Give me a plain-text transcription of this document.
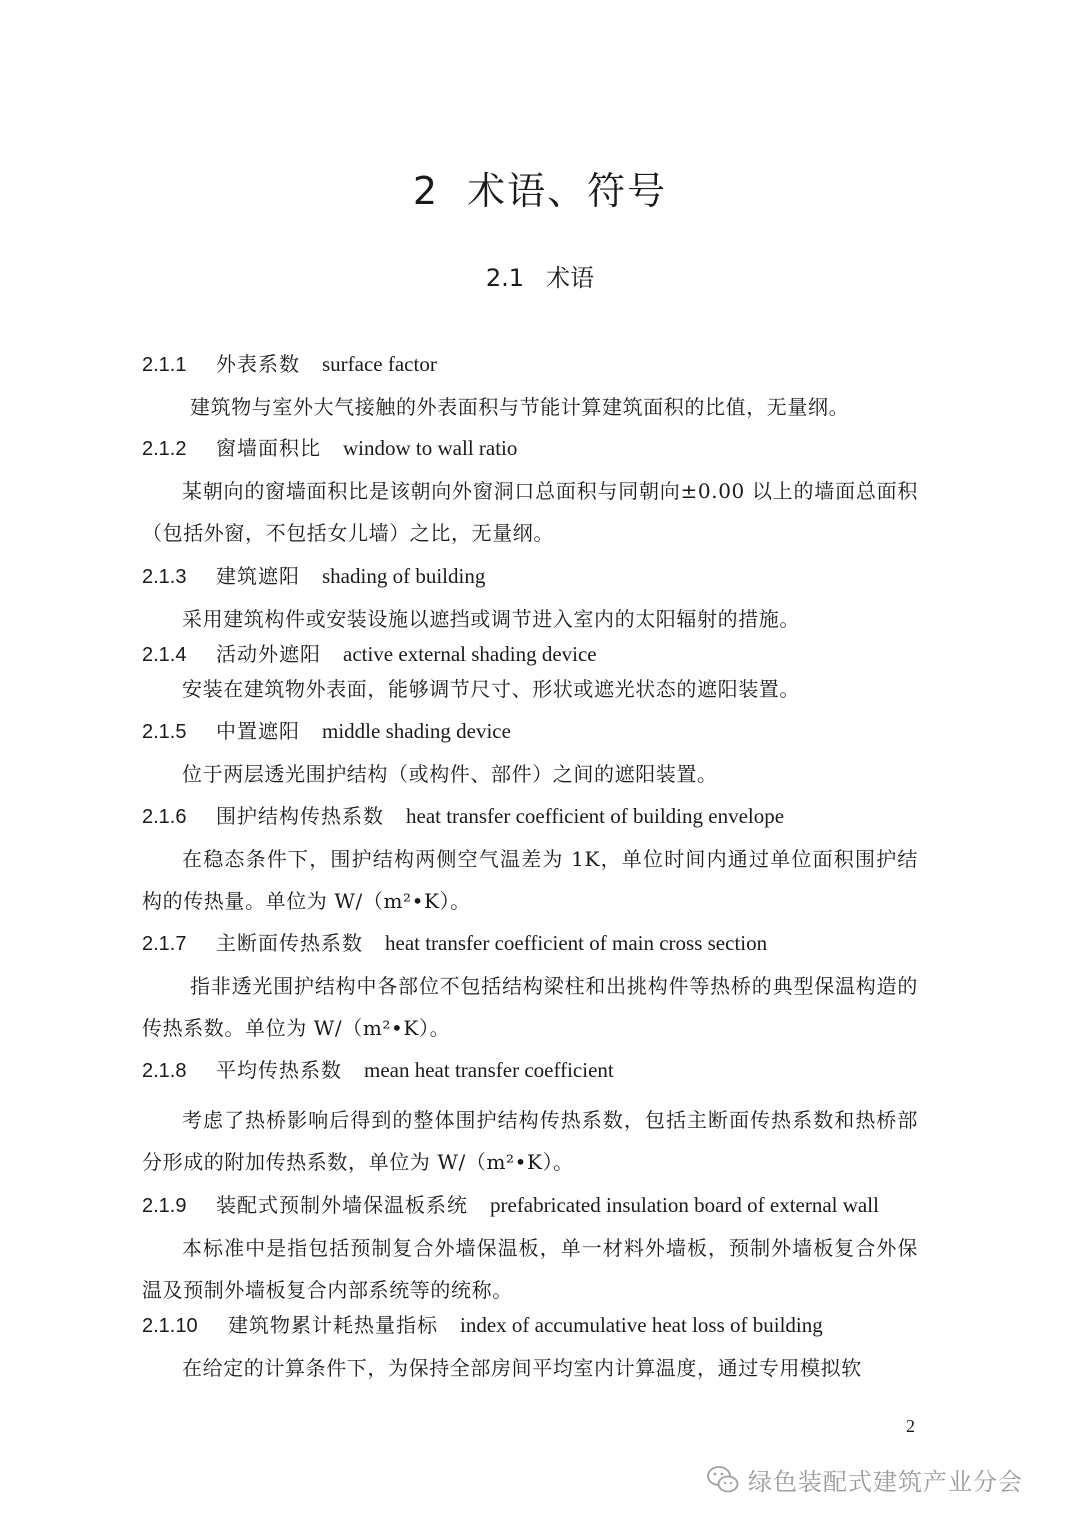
2 术语、符号
2.1 术语
2.1.1 外表系数 surface factor

建筑物与室外大气接触的外表面积与节能计算建筑面积的比值，无量纲。

2.1.2 窗墙面积比 window to wall ratio

某朝向的窗墙面积比是该朝向外窗洞口总面积与同朝向±0.00 以上的墙面总面积（包括外窗，不包括女儿墙）之比，无量纲。

2.1.3 建筑遮阳 shading of building

采用建筑构件或安装设施以遮挡或调节进入室内的太阳辐射的措施。

2.1.4 活动外遮阳 active external shading device

安装在建筑物外表面，能够调节尺寸、形状或遮光状态的遮阳装置。

2.1.5 中置遮阳 middle shading device

位于两层透光围护结构（或构件、部件）之间的遮阳装置。

2.1.6 围护结构传热系数 heat transfer coefficient of building envelope

在稳态条件下，围护结构两侧空气温差为 1K，单位时间内通过单位面积围护结构的传热量。单位为 W/（m²•K）。

2.1.7 主断面传热系数 heat transfer coefficient of main cross section

指非透光围护结构中各部位不包括结构梁柱和出挑构件等热桥的典型保温构造的传热系数。单位为 W/（m²•K）。

2.1.8 平均传热系数 mean heat transfer coefficient

考虑了热桥影响后得到的整体围护结构传热系数，包括主断面传热系数和热桥部分形成的附加传热系数，单位为 W/（m²•K）。

2.1.9 装配式预制外墙保温板系统 prefabricated insulation board of external wall

本标准中是指包括预制复合外墙保温板，单一材料外墙板，预制外墙板复合外保温及预制外墙板复合内部系统等的统称。

2.1.10 建筑物累计耗热量指标 index of accumulative heat loss of building

在给定的计算条件下，为保持全部房间平均室内计算温度，通过专用模拟软

2
绿色装配式建筑产业分会
